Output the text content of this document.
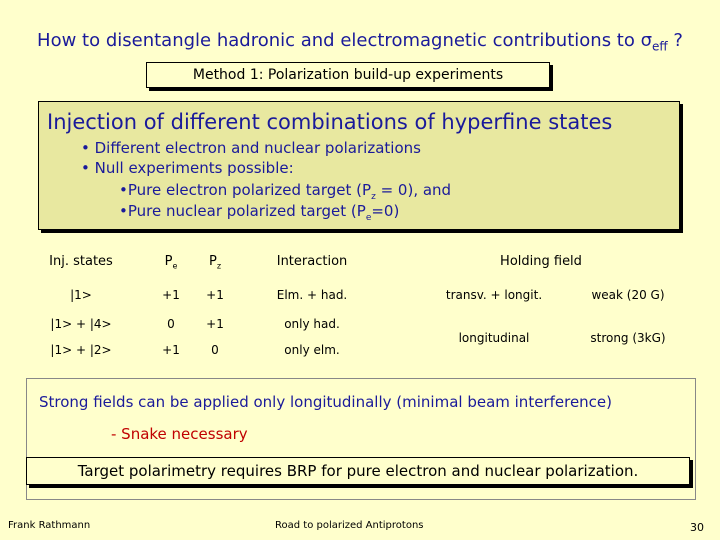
How to disentangle hadronic and electromagnetic contributions to $\sigma_{eff}$ ?
Method 1: Polarization build-up experiments
Injection of different combinations of hyperfine states
• Different electron and nuclear polarizations
• Null experiments possible:
•Pure electron polarized target $(P_z = 0)$, and
•Pure nuclear polarized target $(P_e=0)$
Inj. states	$P_e$	$P_z$	Interaction	Holding field
|1>	+1	+1	Elm. + had.	transv. + longit.	weak (20 G)
|1> + |4>	0	+1	only had.
|1> + |2>	+1	0	only elm.
longitudinal	strong (3kG)
Strong fields can be applied only longitudinally (minimal beam interference)
- Snake necessary
Target polarimetry requires BRP for pure electron and nuclear polarization.
Frank Rathmann	Road to polarized Antiprotons	30
